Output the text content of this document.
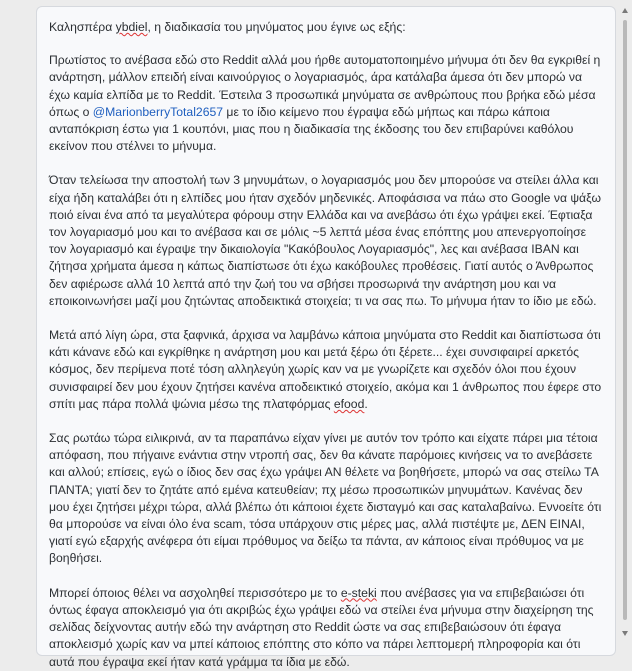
Καλησπέρα ybdiel, η διαδικασία του μηνύματος μου έγινε ως εξής:
Πρωτίστος το ανέβασα εδώ στο Reddit αλλά μου ήρθε αυτοματοποιημένο μήνυμα ότι δεν θα εγκριθεί η ανάρτηση, μάλλον επειδή είναι καινούργιος ο λογαριασμός, άρα κατάλαβα άμεσα ότι δεν μπορώ να έχω καμία ελπίδα με το Reddit. Έστειλα 3 προσωπικά μηνύματα σε ανθρώπους που βρήκα εδώ μέσα όπως ο @MarionberryTotal2657 με το ίδιο κείμενο που έγραψα εδώ μήπως και πάρω κάποια ανταπόκριση έστω για 1 κουπόνι, μιας που η διαδικασία της έκδοσης του δεν επιβαρύνει καθόλου εκείνον που στέλνει το μήνυμα.
Όταν τελείωσα την αποστολή των 3 μηνυμάτων, ο λογαριασμός μου δεν μπορούσε να στείλει άλλα και είχα ήδη καταλάβει ότι η ελπίδες μου ήταν σχεδόν μηδενικές. Αποφάσισα να πάω στο Google να ψάξω ποιό είναι ένα από τα μεγαλύτερα φόρουμ στην Ελλάδα και να ανεβάσω ότι έχω γράψει εκεί. Έφτιαξα τον λογαριασμό μου και το ανέβασα και σε μόλις ~5 λεπτά μέσα ένας επόπτης μου απενεργοποίησε τον λογαριασμό και έγραψε την δικαιολογία "Κακόβουλος Λογαριασμός", λες και ανέβασα IBAN και ζήτησα χρήματα άμεσα η κάπως διαπίστωσε ότι έχω κακόβουλες προθέσεις. Γιατί αυτός ο Άνθρωπος δεν αφιέρωσε αλλά 10 λεπτά από την ζωή του να σβήσει προσωρινά την ανάρτηση μου και να εποικοινωνήσει μαζί μου ζητώντας αποδεικτικά στοιχεία; τι να σας πω. Το μήνυμα ήταν το ίδιο με εδώ.
Μετά από λίγη ώρα, στα ξαφνικά, άρχισα να λαμβάνω κάποια μηνύματα στο Reddit και διαπίστωσα ότι κάτι κάνανε εδώ και εγκρίθηκε η ανάρτηση μου και μετά ξέρω ότι ξέρετε... έχει συνσιφαιρεί αρκετός κόσμος, δεν περίμενα ποτέ τόση αλληλεγύη χωρίς καν να με γνωρίζετε και σχεδόν όλοι που έχουν συνισφαιρεί δεν μου έχουν ζητήσει κανένα αποδεικτικό στοιχείο, ακόμα και 1 άνθρωπος που έφερε στο σπίτι μας πάρα πολλά ψώνια μέσω της πλατφόρμας efood.
Σας ρωτάω τώρα ειλικρινά, αν τα παραπάνω είχαν γίνει με αυτόν τον τρόπο και είχατε πάρει μια τέτοια απόφαση, που πήγαινε ενάντια στην ντροπή σας, δεν θα κάνατε παρόμοιες κινήσεις να το ανεβάσετε και αλλού; επίσεις, εγώ ο ίδιος δεν σας έχω γράψει ΑΝ θέλετε να βοηθήσετε, μπορώ να σας στείλω ΤΑ ΠΑΝΤΑ; γιατί δεν το ζητάτε από εμένα κατευθείαν; πχ μέσω προσωπικών μηνυμάτων. Κανένας δεν μου έχει ζητήσει μέχρι τώρα, αλλά βλέπω ότι κάποιοι έχετε δισταγμό και σας καταλαβαίνω. Εννοείτε ότι θα μπορούσε να είναι όλο ένα scam, τόσα υπάρχουν στις μέρες μας, αλλά πιστέψτε με, ΔΕΝ ΕΙΝΑΙ, γιατί εγώ εξαρχής ανέφερα ότι είμαι πρόθυμος να δείξω τα πάντα, αν κάποιος είναι πρόθυμος να με βοηθήσει.
Μπορεί όποιος θέλει να ασχοληθεί περισσότερο με το e-steki που ανέβασες για να επιβεβαιώσει ότι όντως έφαγα αποκλεισμό για ότι ακριβώς έχω γράψει εδώ να στείλει ένα μήνυμα στην διαχείρηση της σελίδας δείχνοντας αυτήν εδώ την ανάρτηση στο Reddit ώστε να σας επιβεβαιώσουν ότι έφαγα αποκλεισμό χωρίς καν να μπεί κάποιος επόπτης στο κόπο να πάρει λεπτομερή πληροφορία και ότι αυτά που έγραψα εκεί ήταν κατά γράμμα τα ίδια με εδώ.
